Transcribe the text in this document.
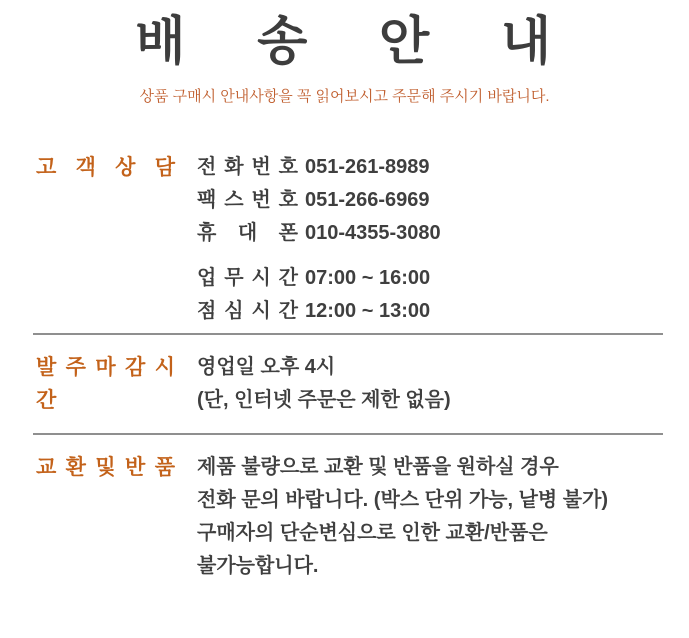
배 송 안 내

상품 구매시 안내사항을 꼭 읽어보시고 주문해 주시기 바랍니다.

고 객 상 담 전 화 번 호 051-261-8989
팩 스 번 호 051-266-6969
휴 대 폰 010-4355-3080
업 무 시 간 07:00 ~ 16:00
점 심 시 간 12:00 ~ 13:00
발 주 마 감 시 간

영업일 오후 4시

(단, 인터넷 주문은 제한 없음)

교 환 및 반 품 제품 불량으로 교환 및 반품을 원하실 경우

전화 문의 바랍니다. (박스 단위 가능, 낱병 불가)

구매자의 단순변심으로 인한 교환/반품은

불가능합니다.
